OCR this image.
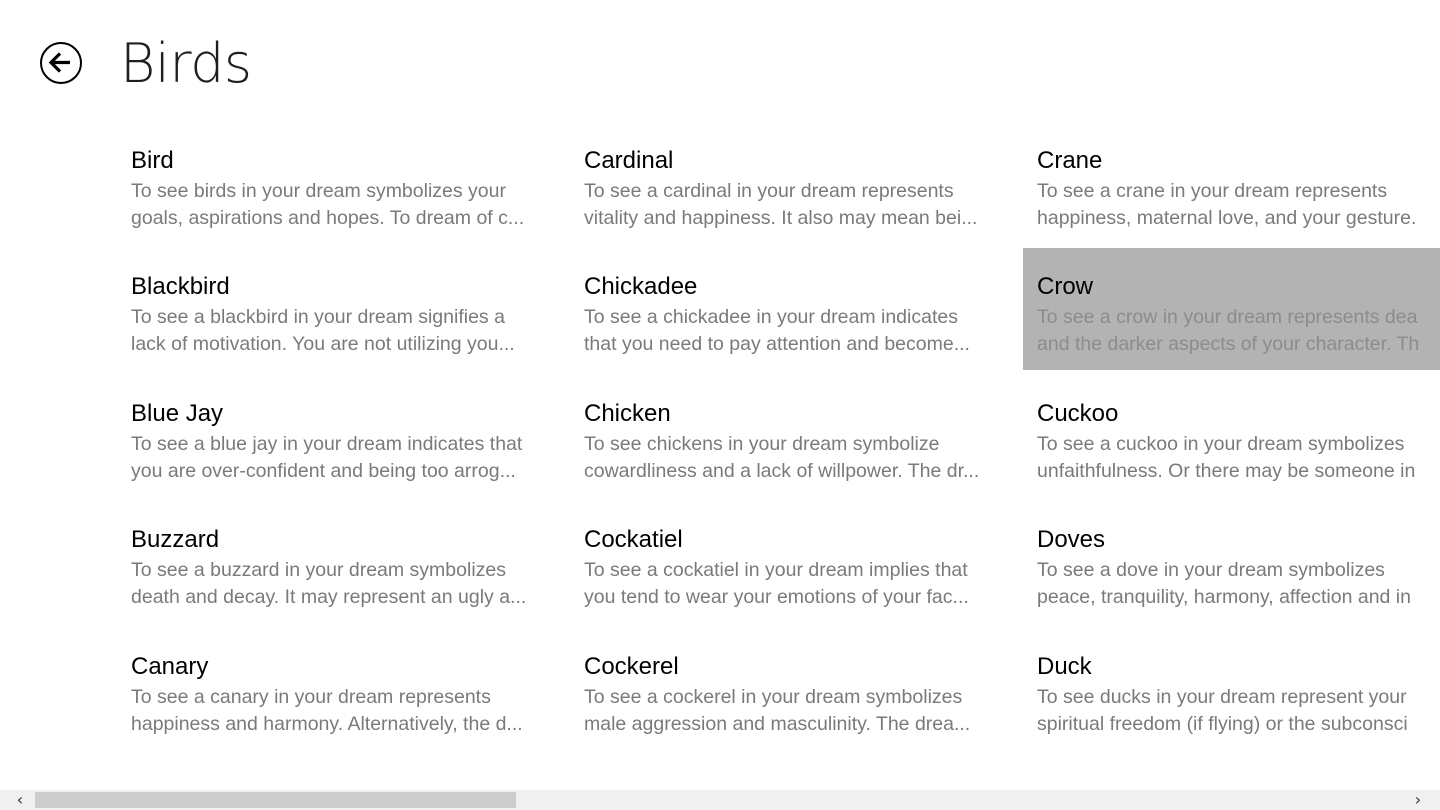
Birds
Bird
To see birds in your dream symbolizes your
goals, aspirations and hopes. To dream of c...
Blackbird
To see a blackbird in your dream signifies a
lack of motivation. You are not utilizing you...
Blue Jay
To see a blue jay in your dream indicates that
you are over-confident and being too arrog...
Buzzard
To see a buzzard in your dream symbolizes
death and decay. It may represent an ugly a...
Canary
To see a canary in your dream represents
happiness and harmony. Alternatively, the d...
Cardinal
To see a cardinal in your dream represents
vitality and happiness. It also may mean bei...
Chickadee
To see a chickadee in your dream indicates
that you need to pay attention and become...
Chicken
To see chickens in your dream symbolize
cowardliness and a lack of willpower. The dr...
Cockatiel
To see a cockatiel in your dream implies that
you tend to wear your emotions of your fac...
Cockerel
To see a cockerel in your dream symbolizes
male aggression and masculinity. The drea...
Crane
To see a crane in your dream represents
happiness, maternal love, and your gesture.
Crow
To see a crow in your dream represents dea
and the darker aspects of your character. Th
Cuckoo
To see a cuckoo in your dream symbolizes
unfaithfulness. Or there may be someone in
Doves
To see a dove in your dream symbolizes
peace, tranquility, harmony, affection and in
Duck
To see ducks in your dream represent your
spiritual freedom (if flying) or the subconsci
‹	›
